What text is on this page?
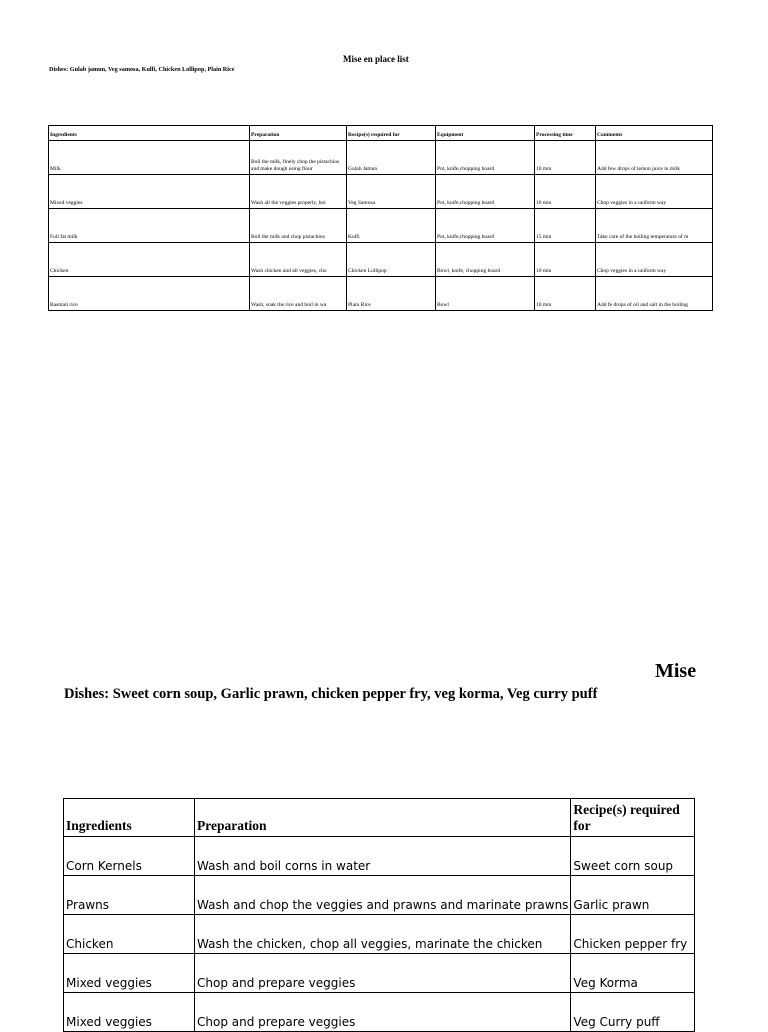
Mise en place list
Dishes: Gulab jamun, Veg samosa, Kulfi, Chicken Lollipop, Plain Rice
Ingredients	Preparation	Recipe(s) required for	Equipment	Processing time	Comments
Milk	Boil the milk, finely chop the pistachios and make dough using flour	Gulab Jamun	Pot, knife,chopping board	10 min	Add few drops of lemon juice in milk
Mixed veggies	Wash all the veggies properly, boi	Veg Samosa	Pot, knife,chopping board	10 min	Chop veggies in a uniform way
Full fat milk	Boil the milk and chop pistachios	Kulfi	Pot, knife,chopping board	15 min	Take care of the boiling temperature of m
Chicken	Wash chicken and all veggies, cho	Chicken Lollipop	Bowl, knife, chopping board	10 min	Chop veggies in a uniform way
Basmati rice	Wash, soak the rice and boil in wa	Plain Rice	Bowl	10 min	Add fe drops of oil and salt in the boiling
Mise
Dishes: Sweet corn soup, Garlic prawn, chicken pepper fry, veg korma, Veg curry puff
Ingredients	Preparation	Recipe(s) required for
Corn Kernels	Wash and boil corns in water	Sweet corn soup
Prawns	Wash and chop the veggies and prawns and marinate prawns	Garlic prawn
Chicken	Wash the chicken, chop all veggies, marinate the chicken	Chicken pepper fry
Mixed veggies	Chop and prepare veggies	Veg Korma
Mixed veggies	Chop and prepare veggies	Veg Curry puff
